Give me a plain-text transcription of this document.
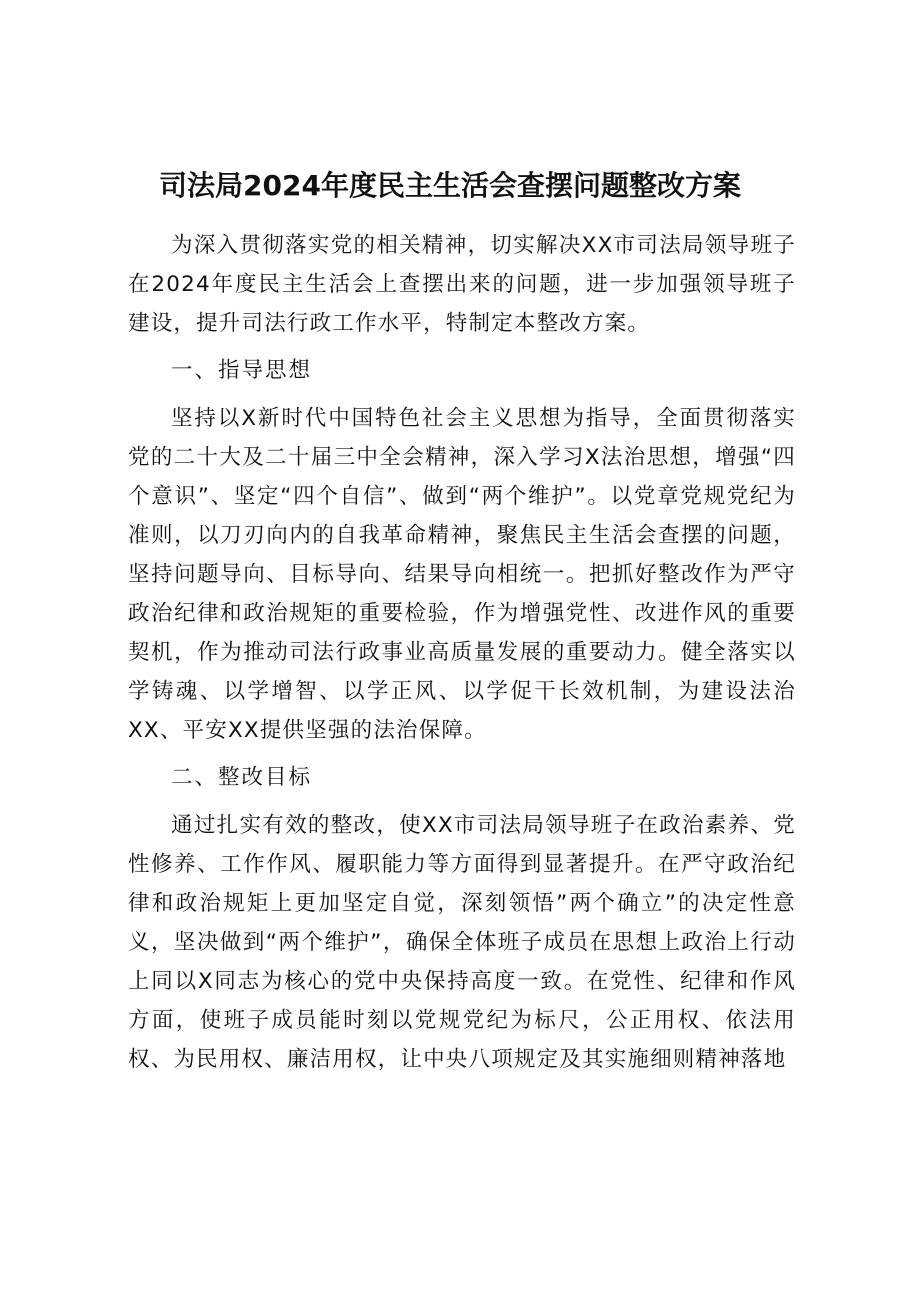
司法局2024年度民主生活会查摆问题整改方案

为深入贯彻落实党的相关精神，切实解决XX市司法局领导班子在2024年度民主生活会上查摆出来的问题，进一步加强领导班子建设，提升司法行政工作水平，特制定本整改方案。

一、指导思想

坚持以X新时代中国特色社会主义思想为指导，全面贯彻落实党的二十大及二十届三中全会精神，深入学习X法治思想，增强“四个意识”、坚定“四个自信”、做到“两个维护”。以党章党规党纪为准则，以刀刃向内的自我革命精神，聚焦民主生活会查摆的问题，坚持问题导向、目标导向、结果导向相统一。把抓好整改作为严守政治纪律和政治规矩的重要检验，作为增强党性、改进作风的重要契机，作为推动司法行政事业高质量发展的重要动力。健全落实以学铸魂、以学增智、以学正风、以学促干长效机制，为建设法治XX、平安XX提供坚强的法治保障。

二、整改目标

通过扎实有效的整改，使XX市司法局领导班子在政治素养、党性修养、工作作风、履职能力等方面得到显著提升。在严守政治纪律和政治规矩上更加坚定自觉，深刻领悟”两个确立”的决定性意义，坚决做到“两个维护”，确保全体班子成员在思想上政治上行动上同以X同志为核心的党中央保持高度一致。在党性、纪律和作风方面，使班子成员能时刻以党规党纪为标尺，公正用权、依法用权、为民用权、廉洁用权，让中央八项规定及其实施细则精神落地
